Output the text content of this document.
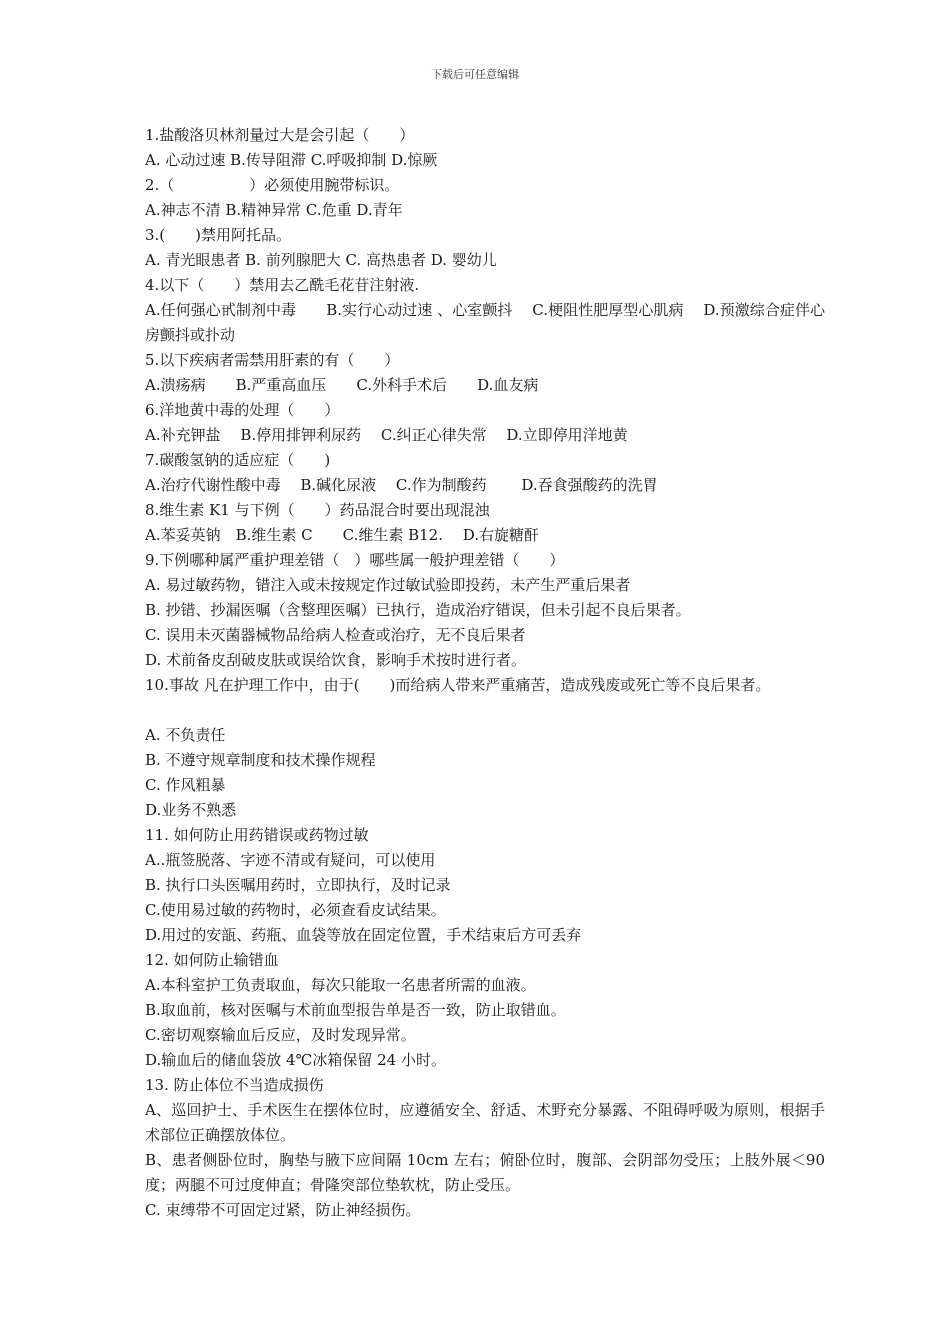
下载后可任意编辑
1.盐酸洛贝林剂量过大是会引起（　　）
A. 心动过速 B.传导阻滞 C.呼吸抑制 D.惊厥
2.（　　　　　）必须使用腕带标识。
A.神志不清 B.精神异常 C.危重 D.青年
3.(　　)禁用阿托品。
A. 青光眼患者 B. 前列腺肥大 C. 高热患者 D. 婴幼儿
4.以下（　　）禁用去乙酰毛花苷注射液.
A.任何强心甙制剂中毒　　B.实行心动过速 、心室颤抖　 C.梗阻性肥厚型心肌病　 D.预激综合症伴心房颤抖或扑动
5.以下疾病者需禁用肝素的有（　　）
A.溃疡病　　B.严重高血压　　C.外科手术后　　D.血友病
6.洋地黄中毒的处理（　　）
A.补充钾盐　 B.停用排钾利尿药　 C.纠正心律失常　 D.立即停用洋地黄
7.碳酸氢钠的适应症（　　)
A.治疗代谢性酸中毒　 B.碱化尿液　 C.作为制酸药　　 D.吞食强酸药的洗胃
8.维生素 K1 与下例（　　）药品混合时要出现混浊
A.苯妥英钠　B.维生素 C　　C.维生素 B12.　 D.右旋糖酐
9.下例哪种属严重护理差错（　）哪些属一般护理差错（　　）
A. 易过敏药物，错注入或未按规定作过敏试验即投药，未产生严重后果者
B. 抄错、抄漏医嘱（含整理医嘱）已执行，造成治疗错误，但未引起不良后果者。
C. 误用未灭菌器械物品给病人检查或治疗，无不良后果者
D. 术前备皮刮破皮肤或误给饮食，影响手术按时进行者。
10.事故 凡在护理工作中，由于(　　)而给病人带来严重痛苦，造成残废或死亡等不良后果者。
A. 不负责任
B. 不遵守规章制度和技术操作规程
C. 作风粗暴
D.业务不熟悉
11. 如何防止用药错误或药物过敏
A..瓶签脱落、字迹不清或有疑问，可以使用
B. 执行口头医嘱用药时，立即执行，及时记录
C.使用易过敏的药物时，必须查看皮试结果。
D.用过的安瓿、药瓶、血袋等放在固定位置，手术结束后方可丢弃
12. 如何防止输错血
A.本科室护工负责取血，每次只能取一名患者所需的血液。
B.取血前，核对医嘱与术前血型报告单是否一致，防止取错血。
C.密切观察输血后反应，及时发现异常。
D.输血后的储血袋放 4℃冰箱保留 24 小时。
13. 防止体位不当造成损伤
A、巡回护士、手术医生在摆体位时，应遵循安全、舒适、术野充分暴露、不阻碍呼吸为原则，根据手术部位正确摆放体位。
B、患者侧卧位时，胸垫与腋下应间隔 10cm 左右；俯卧位时，腹部、会阴部勿受压；上肢外展＜90 度；两腿不可过度伸直；骨隆突部位垫软枕，防止受压。
C. 束缚带不可固定过紧，防止神经损伤。
